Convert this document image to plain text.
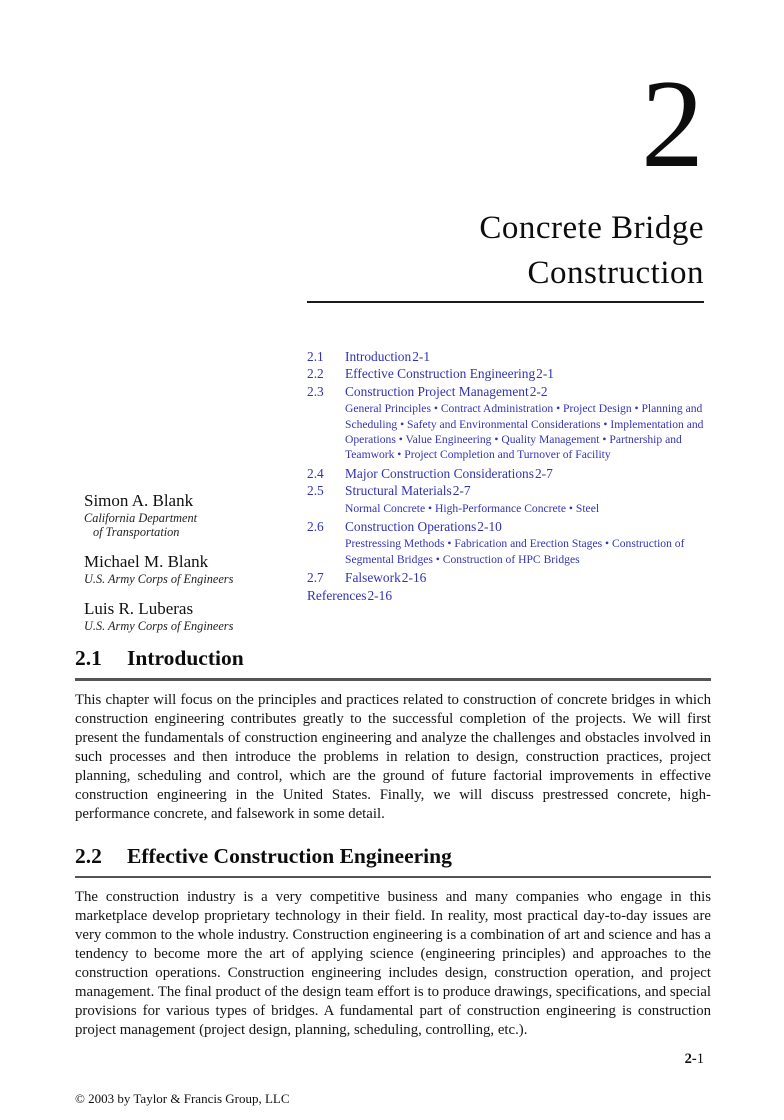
2
Concrete Bridge
Construction
2.1	Introduction 2-1
2.2	Effective Construction Engineering 2-1
2.3	Construction Project Management 2-2
General Principles • Contract Administration • Project Design • Planning and Scheduling • Safety and Environmental Considerations • Implementation and Operations • Value Engineering • Quality Management • Partnership and Teamwork • Project Completion and Turnover of Facility
2.4	Major Construction Considerations 2-7
2.5	Structural Materials 2-7
Normal Concrete • High-Performance Concrete • Steel
2.6	Construction Operations 2-10
Prestressing Methods • Fabrication and Erection Stages • Construction of Segmental Bridges • Construction of HPC Bridges
2.7	Falsework 2-16
References 2-16
Simon A. Blank
California Department
of Transportation
Michael M. Blank
U.S. Army Corps of Engineers
Luis R. Luberas
U.S. Army Corps of Engineers
2.1	Introduction

This chapter will focus on the principles and practices related to construction of concrete bridges in which construction engineering contributes greatly to the successful completion of the projects. We will first present the fundamentals of construction engineering and analyze the challenges and obstacles involved in such processes and then introduce the problems in relation to design, construction practices, project planning, scheduling and control, which are the ground of future factorial improvements in effective construction engineering in the United States. Finally, we will discuss prestressed concrete, high-performance concrete, and falsework in some detail.

2.2	Effective Construction Engineering

The construction industry is a very competitive business and many companies who engage in this marketplace develop proprietary technology in their field. In reality, most practical day-to-day issues are very common to the whole industry. Construction engineering is a combination of art and science and has a tendency to become more the art of applying science (engineering principles) and approaches to the construction operations. Construction engineering includes design, construction operation, and project management. The final product of the design team effort is to produce drawings, specifications, and special provisions for various types of bridges. A fundamental part of construction engineering is construction project management (project design, planning, scheduling, controlling, etc.).

2-1
© 2003 by Taylor & Francis Group, LLC
